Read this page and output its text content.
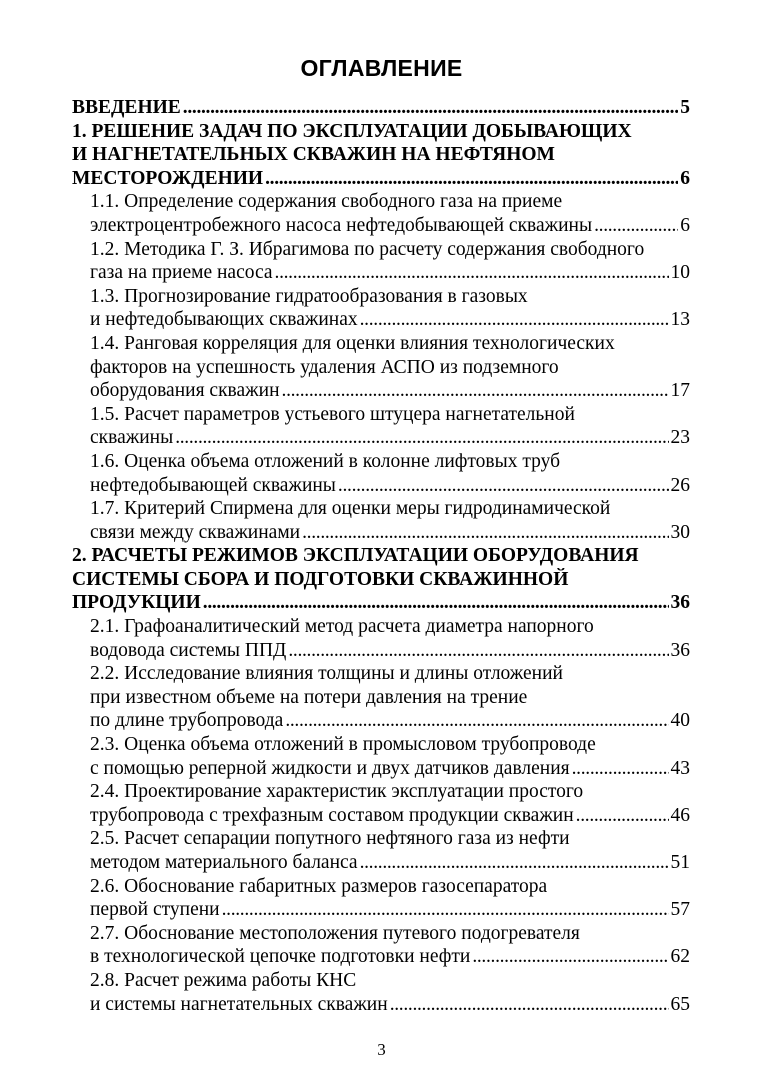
ОГЛАВЛЕНИЕ
ВВЕДЕНИЕ . . .	5
1. РЕШЕНИЕ ЗАДАЧ ПО ЭКСПЛУАТАЦИИ ДОБЫВАЮЩИХ
И НАГНЕТАТЕЛЬНЫХ СКВАЖИН НА НЕФТЯНОМ
МЕСТОРОЖДЕНИИ . . .	6
1.1. Определение содержания свободного газа на приеме
электроцентробежного насоса нефтедобывающей скважины . . .	6
1.2. Методика Г. З. Ибрагимова по расчету содержания свободного
газа на приеме насоса . . .	10
1.3. Прогнозирование гидратообразования в газовых
и нефтедобывающих скважинах . . .	13
1.4. Ранговая корреляция для оценки влияния технологических
факторов на успешность удаления АСПО из подземного
оборудования скважин . . .	17
1.5. Расчет параметров устьевого штуцера нагнетательной
скважины . . .	23
1.6. Оценка объема отложений в колонне лифтовых труб
нефтедобывающей скважины . . .	26
1.7. Критерий Спирмена для оценки меры гидродинамической
связи между скважинами . . .	30
2. РАСЧЕТЫ РЕЖИМОВ ЭКСПЛУАТАЦИИ ОБОРУДОВАНИЯ
СИСТЕМЫ СБОРА И ПОДГОТОВКИ СКВАЖИННОЙ
ПРОДУКЦИИ . . .	36
2.1. Графоаналитический метод расчета диаметра напорного
водовода системы ППД . . .	36
2.2. Исследование влияния толщины и длины отложений
при известном объеме на потери давления на трение
по длине трубопровода . . .	40
2.3. Оценка объема отложений в промысловом трубопроводе
с помощью реперной жидкости и двух датчиков давления . . .	43
2.4. Проектирование характеристик эксплуатации простого
трубопровода с трехфазным составом продукции скважин . . .	46
2.5. Расчет сепарации попутного нефтяного газа из нефти
методом материального баланса . . .	51
2.6. Обоснование габаритных размеров газосепаратора
первой ступени . . .	57
2.7. Обоснование местоположения путевого подогревателя
в технологической цепочке подготовки нефти . . .	62
2.8. Расчет режима работы КНС
и системы нагнетательных скважин . . .	65
3
